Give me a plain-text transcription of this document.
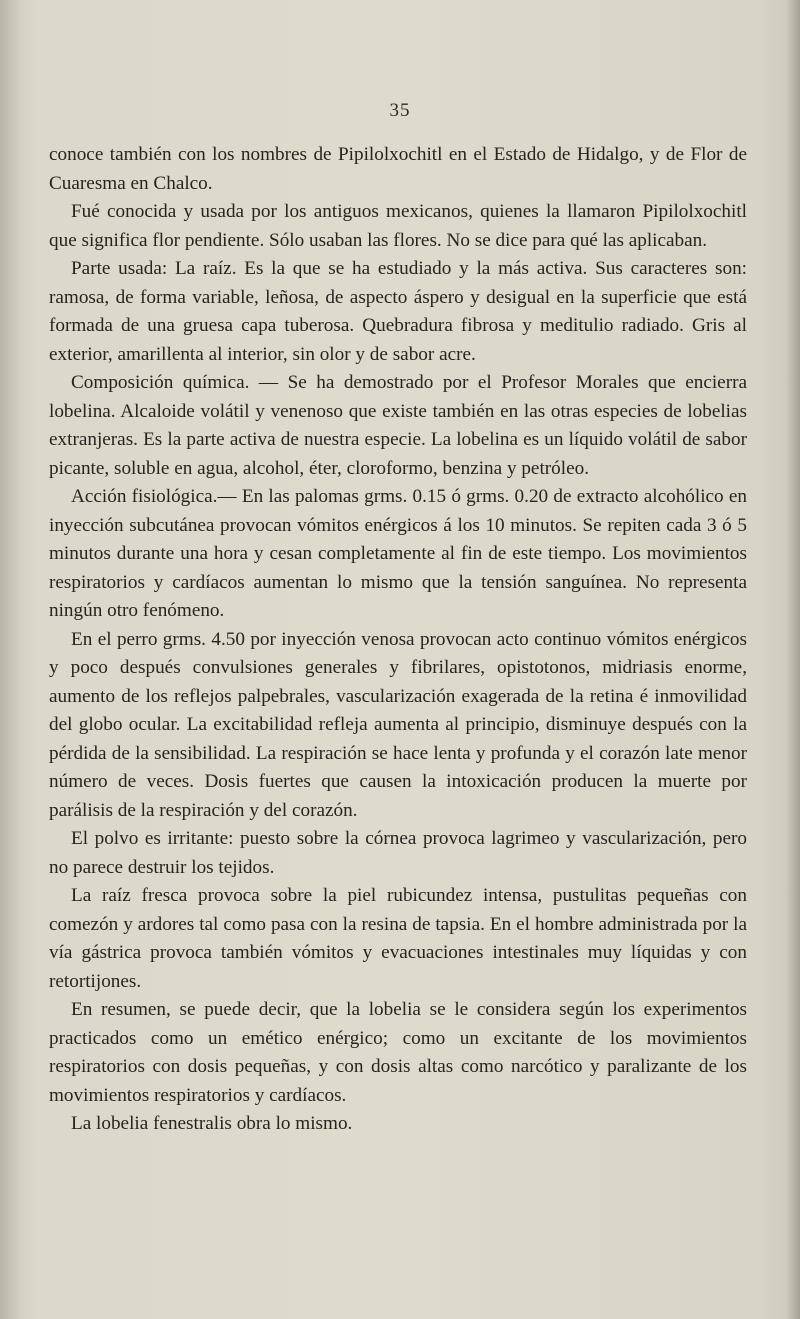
35

conoce también con los nombres de Pipilolxochitl en el Estado de Hidalgo, y de Flor de Cuaresma en Chalco.

Fué conocida y usada por los antiguos mexicanos, quienes la llamaron Pipilolxochitl que significa flor pendiente. Sólo usaban las flores. No se dice para qué las aplicaban.

Parte usada: La raíz. Es la que se ha estudiado y la más activa. Sus caracteres son: ramosa, de forma variable, leñosa, de aspecto áspero y desigual en la superficie que está formada de una gruesa capa tuberosa. Quebradura fibrosa y meditulio radiado. Gris al exterior, amarillenta al interior, sin olor y de sabor acre.

Composición química. — Se ha demostrado por el Profesor Morales que encierra lobelina. Alcaloide volátil y venenoso que existe también en las otras especies de lobelias extranjeras. Es la parte activa de nuestra especie. La lobelina es un líquido volátil de sabor picante, soluble en agua, alcohol, éter, cloroformo, benzina y petróleo.

Acción fisiológica.— En las palomas grms. 0.15 ó grms. 0.20 de extracto alcohólico en inyección subcutánea provocan vómitos enérgicos á los 10 minutos. Se repiten cada 3 ó 5 minutos durante una hora y cesan completamente al fin de este tiempo. Los movimientos respiratorios y cardíacos aumentan lo mismo que la tensión sanguínea. No representa ningún otro fenómeno.

En el perro grms. 4.50 por inyección venosa provocan acto continuo vómitos enérgicos y poco después convulsiones generales y fibrilares, opistotonos, midriasis enorme, aumento de los reflejos palpebrales, vascularización exagerada de la retina é inmovilidad del globo ocular. La excitabilidad refleja aumenta al principio, disminuye después con la pérdida de la sensibilidad. La respiración se hace lenta y profunda y el corazón late menor número de veces. Dosis fuertes que causen la intoxicación producen la muerte por parálisis de la respiración y del corazón.

El polvo es irritante: puesto sobre la córnea provoca lagrimeo y vascularización, pero no parece destruir los tejidos.

La raíz fresca provoca sobre la piel rubicundez intensa, pustulitas pequeñas con comezón y ardores tal como pasa con la resina de tapsia. En el hombre administrada por la vía gástrica provoca también vómitos y evacuaciones intestinales muy líquidas y con retortijones.

En resumen, se puede decir, que la lobelia se le considera según los experimentos practicados como un emético enérgico; como un excitante de los movimientos respiratorios con dosis pequeñas, y con dosis altas como narcótico y paralizante de los movimientos respiratorios y cardíacos.

La lobelia fenestralis obra lo mismo.
